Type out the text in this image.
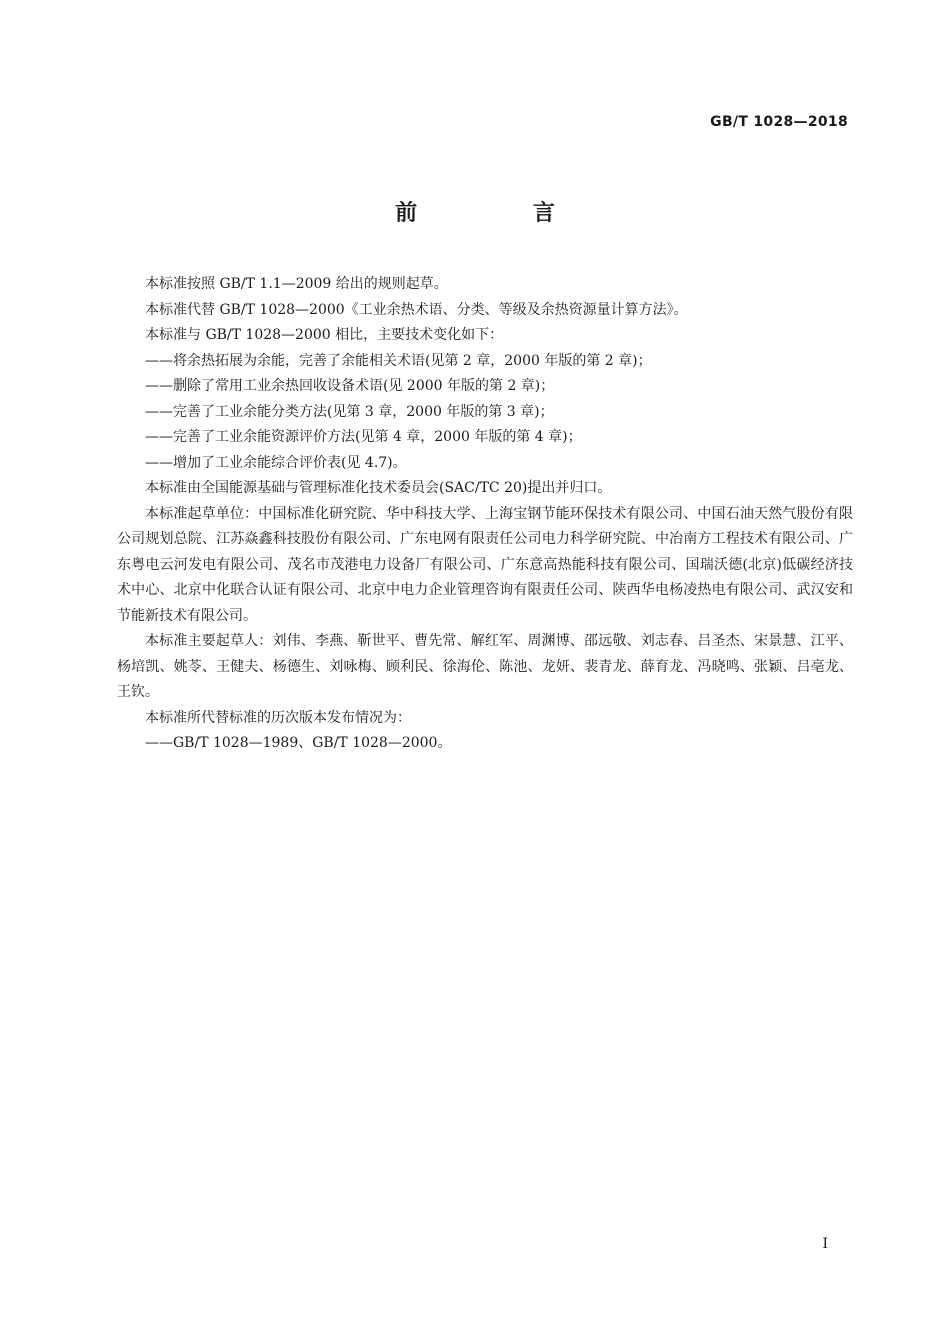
GB/T 1028—2018
前 言

本标准按照 GB/T 1.1—2009 给出的规则起草。

本标准代替 GB/T 1028—2000《工业余热术语、分类、等级及余热资源量计算方法》。

本标准与 GB/T 1028—2000 相比，主要技术变化如下：

——将余热拓展为余能，完善了余能相关术语(见第 2 章，2000 年版的第 2 章)；

——删除了常用工业余热回收设备术语(见 2000 年版的第 2 章)；

——完善了工业余能分类方法(见第 3 章，2000 年版的第 3 章)；

——完善了工业余能资源评价方法(见第 4 章，2000 年版的第 4 章)；

——增加了工业余能综合评价表(见 4.7)。

本标准由全国能源基础与管理标准化技术委员会(SAC/TC 20)提出并归口。

本标准起草单位：中国标准化研究院、华中科技大学、上海宝钢节能环保技术有限公司、中国石油天然气股份有限公司规划总院、江苏焱鑫科技股份有限公司、广东电网有限责任公司电力科学研究院、中冶南方工程技术有限公司、广东粤电云河发电有限公司、茂名市茂港电力设备厂有限公司、广东意高热能科技有限公司、国瑞沃德(北京)低碳经济技术中心、北京中化联合认证有限公司、北京中电力企业管理咨询有限责任公司、陕西华电杨凌热电有限公司、武汉安和节能新技术有限公司。

本标准主要起草人：刘伟、李燕、靳世平、曹先常、解红军、周渊博、邵远敬、刘志春、吕圣杰、宋景慧、江平、杨培凯、姚苓、王健夫、杨德生、刘咏梅、顾利民、徐海伦、陈池、龙妍、裴青龙、薛育龙、冯晓鸣、张颖、吕亳龙、王钦。

本标准所代替标准的历次版本发布情况为：

——GB/T 1028—1989、GB/T 1028—2000。

I
